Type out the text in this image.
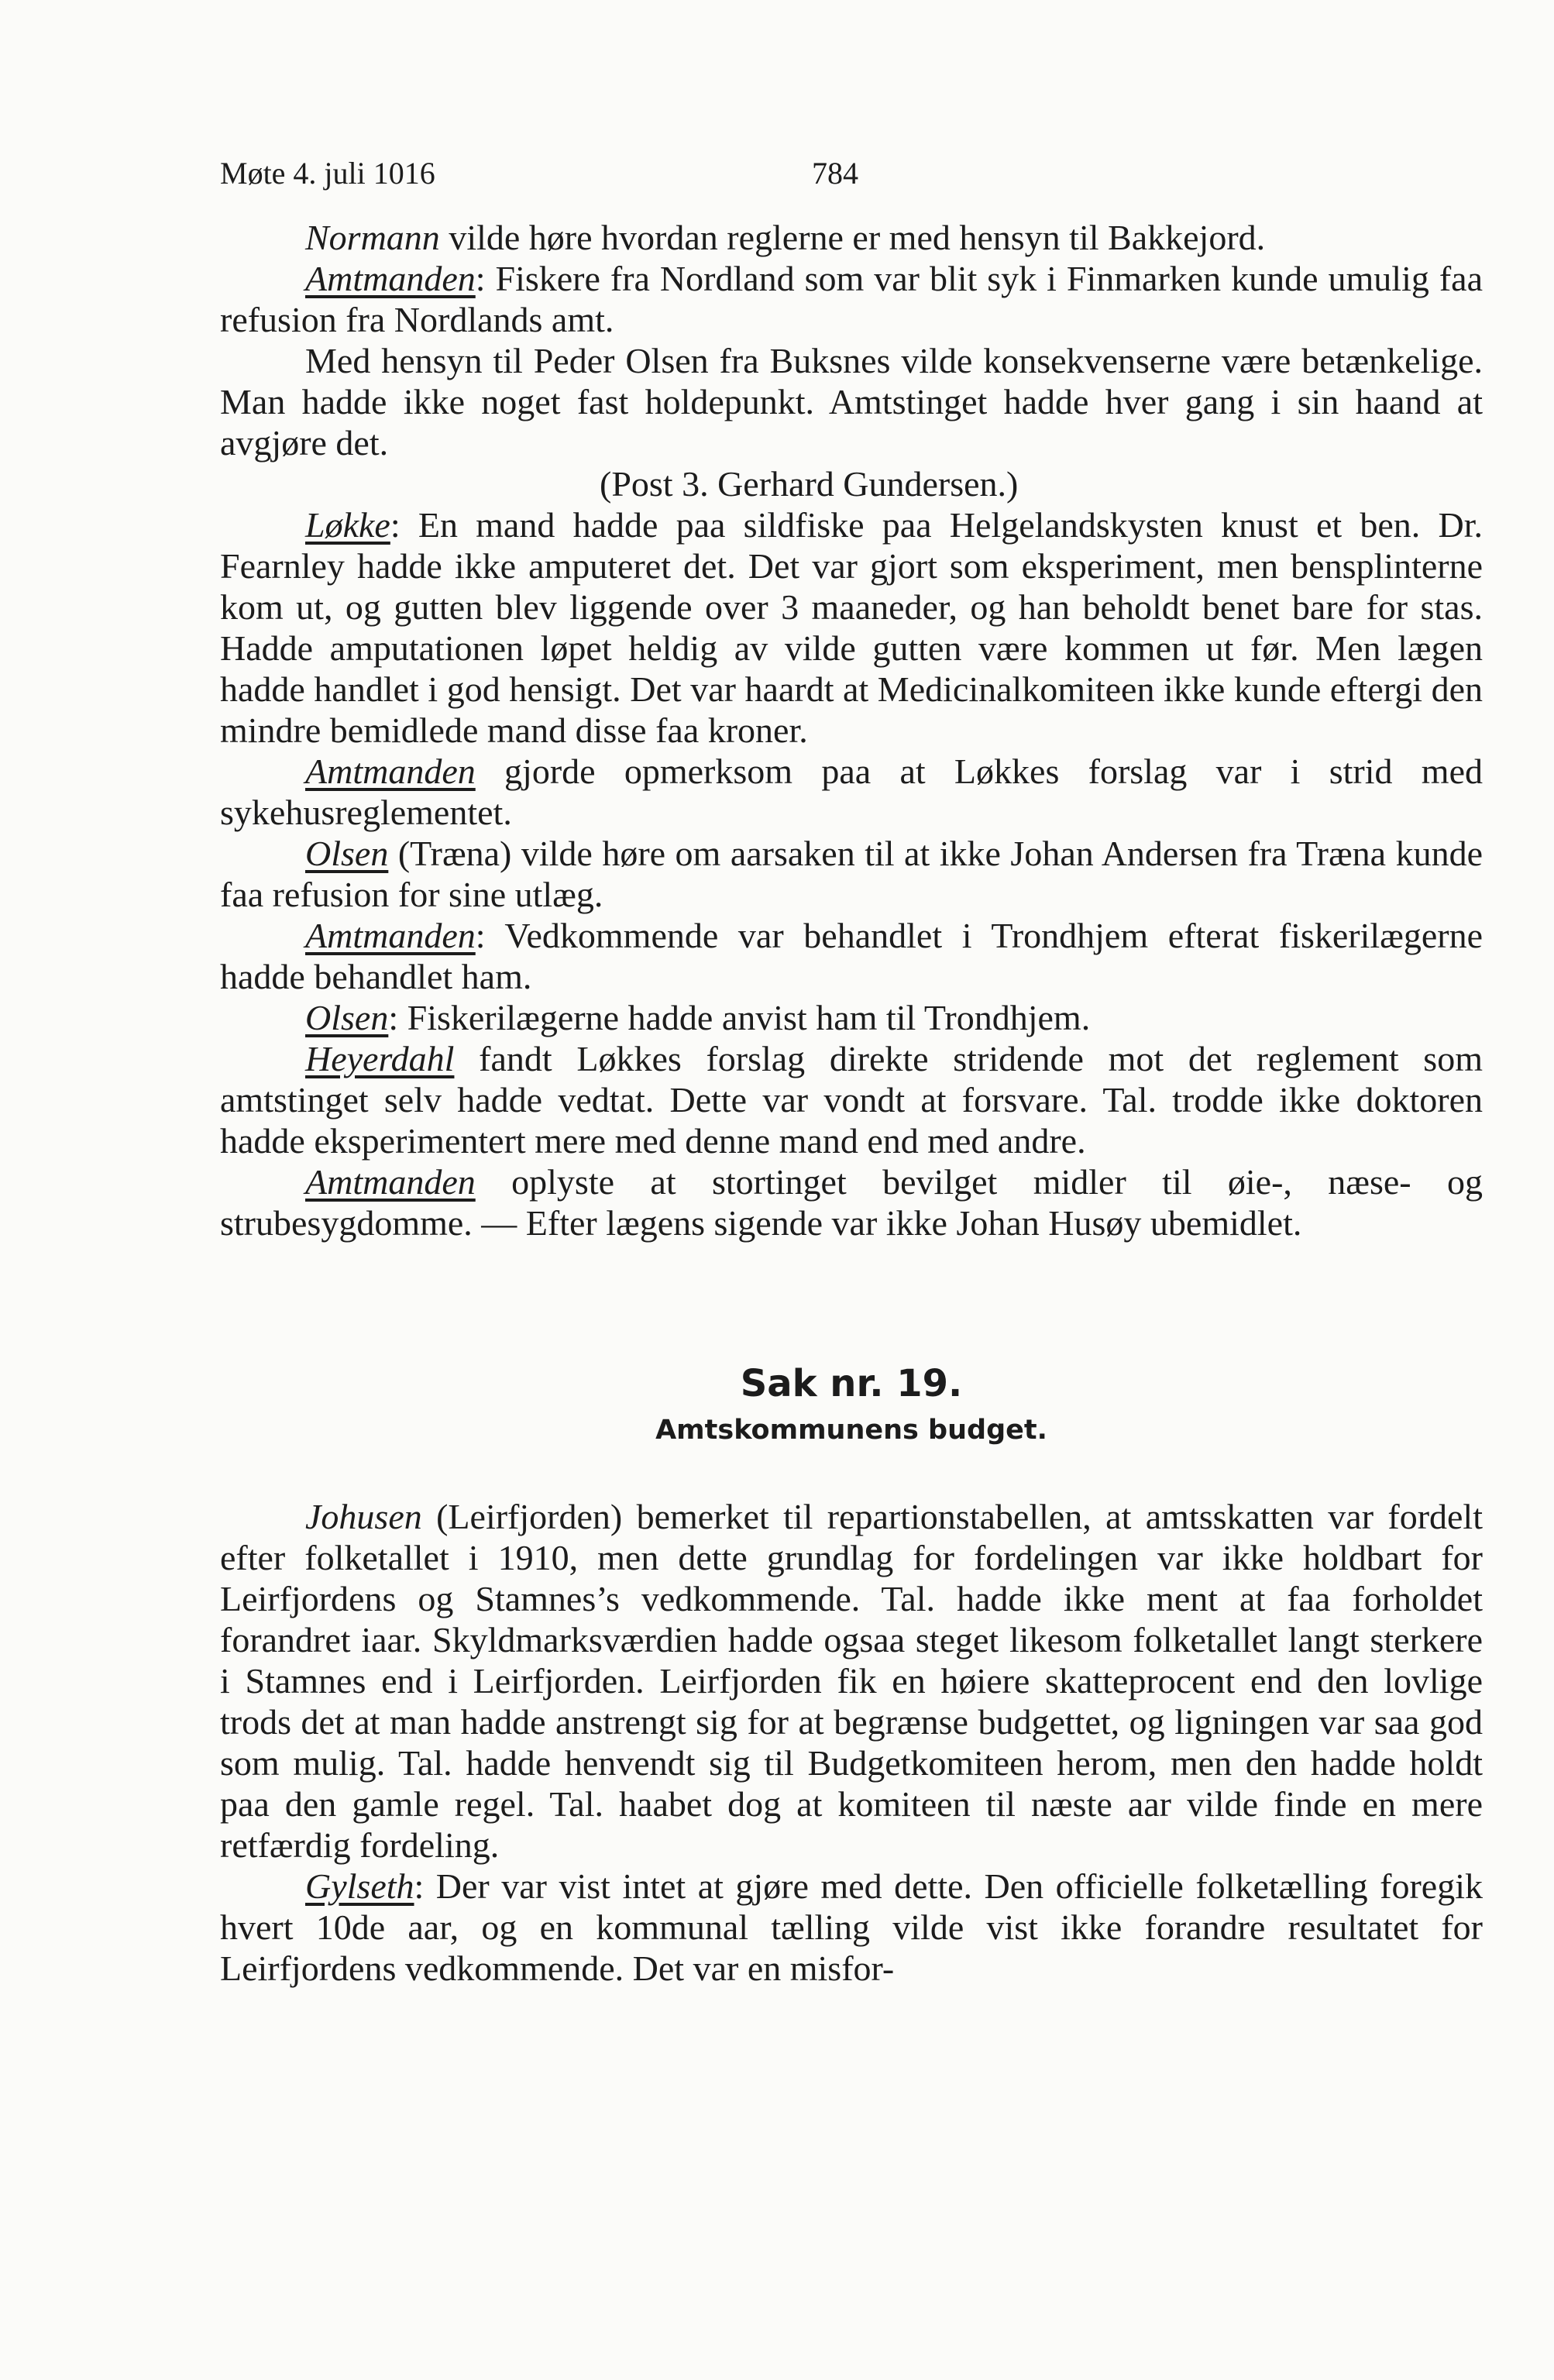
Møte 4. juli 1016	784

Normann vilde høre hvordan reglerne er med hensyn til Bakkejord.

Amtmanden: Fiskere fra Nordland som var blit syk i Finmarken kunde umulig faa refusion fra Nordlands amt.

Med hensyn til Peder Olsen fra Buksnes vilde konsekvenserne være betænkelige. Man hadde ikke noget fast holdepunkt. Amtstinget hadde hver gang i sin haand at avgjøre det.

(Post 3. Gerhard Gundersen.)

Løkke: En mand hadde paa sildfiske paa Helgelandskysten knust et ben. Dr. Fearnley hadde ikke amputeret det. Det var gjort som eksperiment, men bensplinterne kom ut, og gutten blev liggende over 3 maaneder, og han beholdt benet bare for stas. Hadde amputationen løpet heldig av vilde gutten være kommen ut før. Men lægen hadde handlet i god hensigt. Det var haardt at Medicinalkomiteen ikke kunde eftergi den mindre bemidlede mand disse faa kroner.

Amtmanden gjorde opmerksom paa at Løkkes forslag var i strid med sykehusreglementet.

Olsen (Træna) vilde høre om aarsaken til at ikke Johan Andersen fra Træna kunde faa refusion for sine utlæg.

Amtmanden: Vedkommende var behandlet i Trondhjem efterat fiskerilægerne hadde behandlet ham.

Olsen: Fiskerilægerne hadde anvist ham til Trondhjem.

Heyerdahl fandt Løkkes forslag direkte stridende mot det reglement som amtstinget selv hadde vedtat. Dette var vondt at forsvare. Tal. trodde ikke doktoren hadde eksperimentert mere med denne mand end med andre.

Amtmanden oplyste at stortinget bevilget midler til øie-, næse- og strubesygdomme. — Efter lægens sigende var ikke Johan Husøy ubemidlet.

Sak nr. 19.
Amtskommunens budget.

Johusen (Leirfjorden) bemerket til repartionstabellen, at amtsskatten var fordelt efter folketallet i 1910, men dette grundlag for fordelingen var ikke holdbart for Leirfjordens og Stamnes’s vedkommende. Tal. hadde ikke ment at faa forholdet forandret iaar. Skyldmarksværdien hadde ogsaa steget likesom folketallet langt sterkere i Stamnes end i Leirfjorden. Leirfjorden fik en høiere skatteprocent end den lovlige trods det at man hadde anstrengt sig for at begrænse budgettet, og ligningen var saa god som mulig. Tal. hadde henvendt sig til Budgetkomiteen herom, men den hadde holdt paa den gamle regel. Tal. haabet dog at komiteen til næste aar vilde finde en mere retfærdig fordeling.

Gylseth: Der var vist intet at gjøre med dette. Den officielle folketælling foregik hvert 10de aar, og en kommunal tælling vilde vist ikke forandre resultatet for Leirfjordens vedkommende. Det var en misfor-
